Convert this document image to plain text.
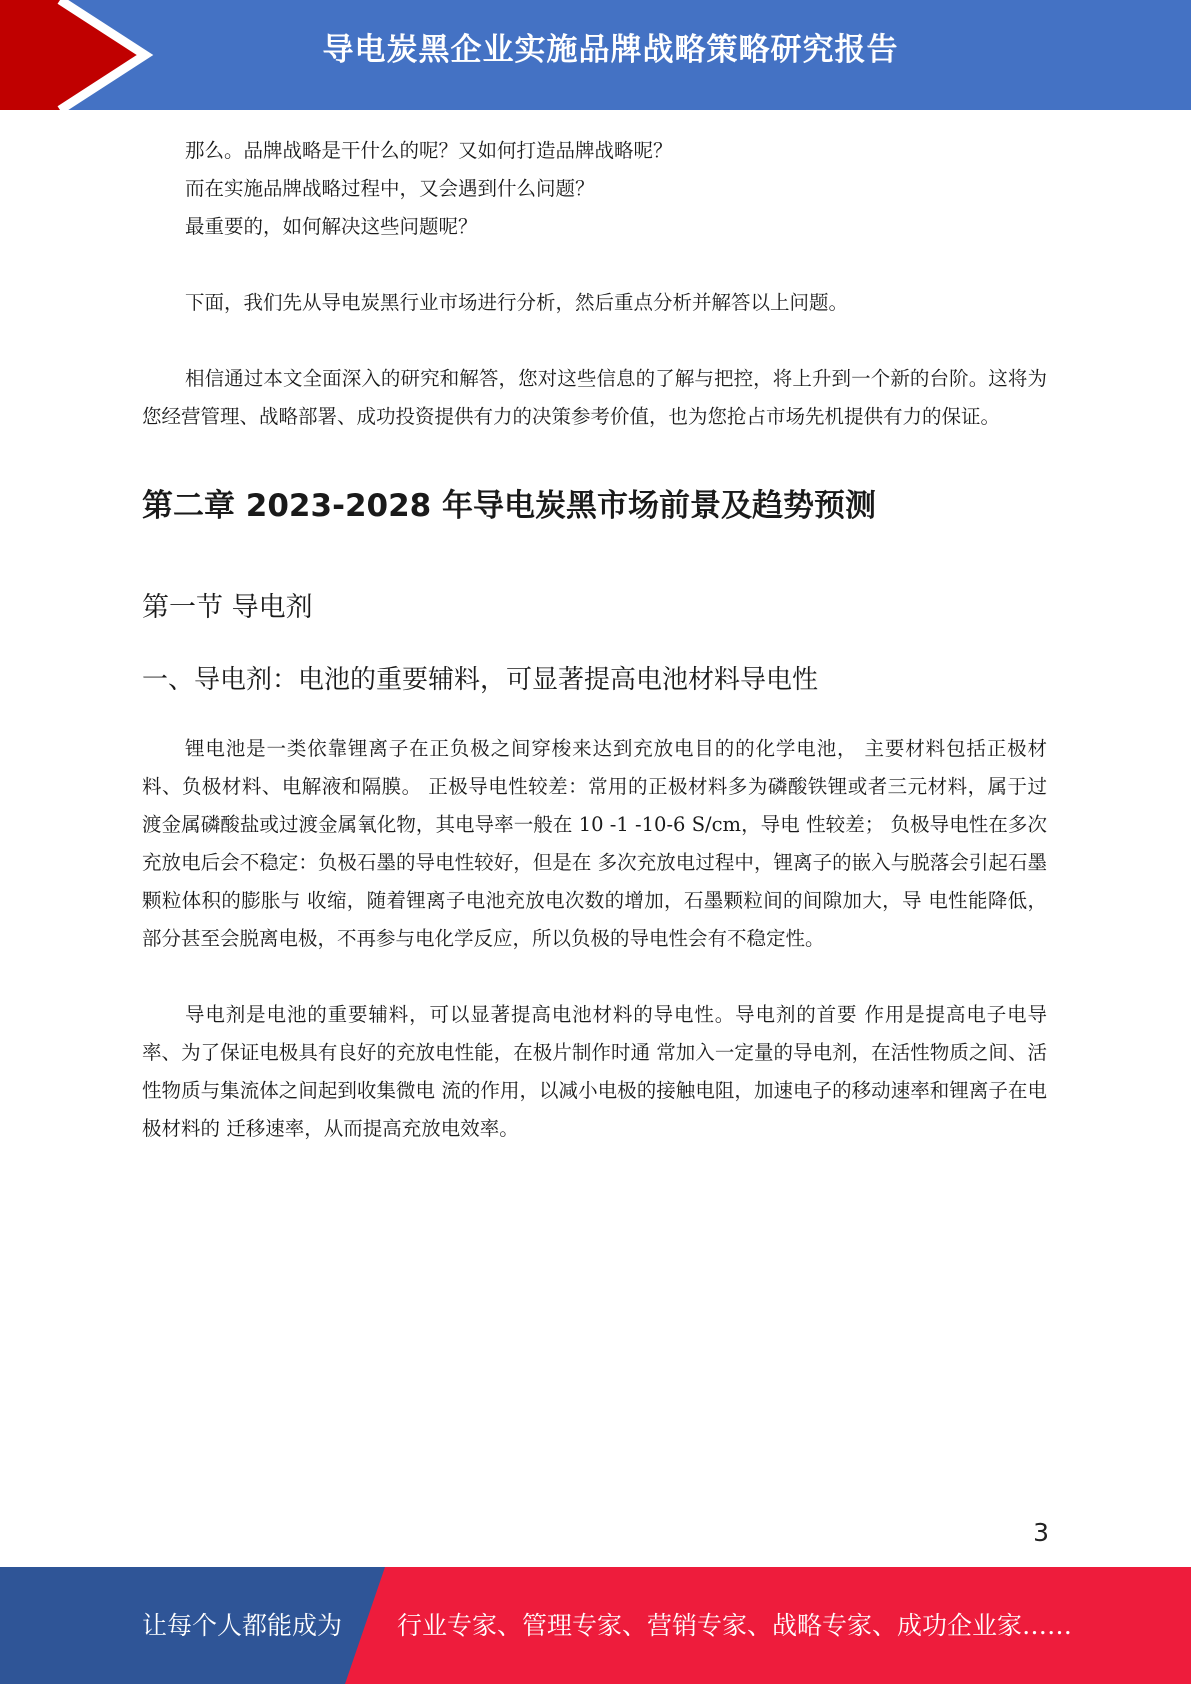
导电炭黑企业实施品牌战略策略研究报告

那么。品牌战略是干什么的呢？又如何打造品牌战略呢？

而在实施品牌战略过程中，又会遇到什么问题？

最重要的，如何解决这些问题呢？

下面，我们先从导电炭黑行业市场进行分析，然后重点分析并解答以上问题。

相信通过本文全面深入的研究和解答，您对这些信息的了解与把控，将上升到一个新的台阶。这将为您经营管理、战略部署、成功投资提供有力的决策参考价值，也为您抢占市场先机提供有力的保证。

第二章 2023-2028 年导电炭黑市场前景及趋势预测
第一节 导电剂
一、导电剂：电池的重要辅料，可显著提高电池材料导电性

锂电池是一类依靠锂离子在正负极之间穿梭来达到充放电目的的化学电池， 主要材料包括正极材料、负极材料、电解液和隔膜。 正极导电性较差：常用的正极材料多为磷酸铁锂或者三元材料，属于过 渡金属磷酸盐或过渡金属氧化物，其电导率一般在 10 -1 -10-6 S/cm，导电 性较差； 负极导电性在多次充放电后会不稳定：负极石墨的导电性较好，但是在 多次充放电过程中，锂离子的嵌入与脱落会引起石墨颗粒体积的膨胀与 收缩，随着锂离子电池充放电次数的增加，石墨颗粒间的间隙加大，导 电性能降低，部分甚至会脱离电极，不再参与电化学反应，所以负极的导电性会有不稳定性。

导电剂是电池的重要辅料，可以显著提高电池材料的导电性。导电剂的首要 作用是提高电子电导率、为了保证电极具有良好的充放电性能，在极片制作时通 常加入一定量的导电剂，在活性物质之间、活性物质与集流体之间起到收集微电 流的作用，以减小电极的接触电阻，加速电子的移动速率和锂离子在电极材料的 迁移速率，从而提高充放电效率。

3
让每个人都能成为 行业专家、管理专家、营销专家、战略专家、成功企业家……
